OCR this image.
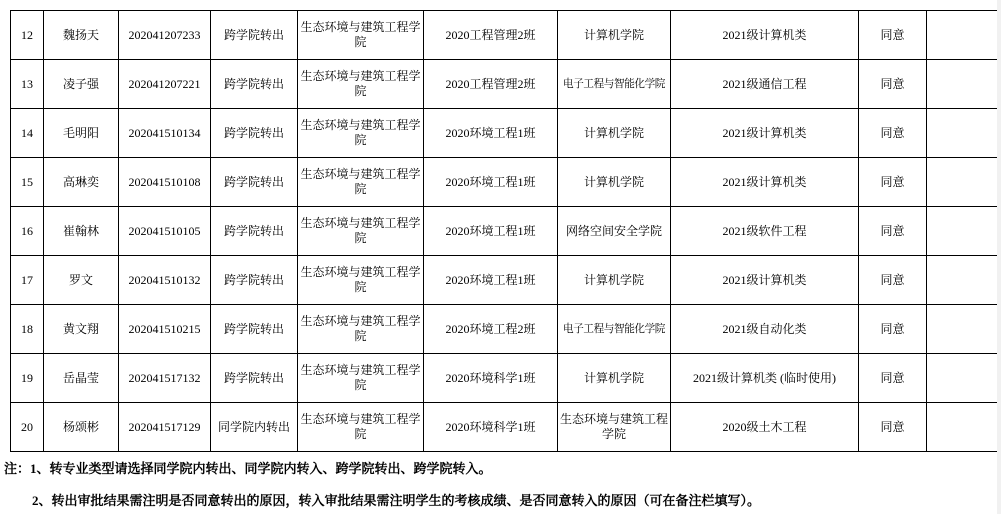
12	魏扬天	202041207233	跨学院转出	生态环境与建筑工程学院	2020工程管理2班	计算机学院	2021级计算机类	同意	
13	凌子强	202041207221	跨学院转出	生态环境与建筑工程学院	2020工程管理2班	电子工程与智能化学院	2021级通信工程	同意	
14	毛明阳	202041510134	跨学院转出	生态环境与建筑工程学院	2020环境工程1班	计算机学院	2021级计算机类	同意	
15	高琳奕	202041510108	跨学院转出	生态环境与建筑工程学院	2020环境工程1班	计算机学院	2021级计算机类	同意	
16	崔翰林	202041510105	跨学院转出	生态环境与建筑工程学院	2020环境工程1班	网络空间安全学院	2021级软件工程	同意	
17	罗文	202041510132	跨学院转出	生态环境与建筑工程学院	2020环境工程1班	计算机学院	2021级计算机类	同意	
18	黄文翔	202041510215	跨学院转出	生态环境与建筑工程学院	2020环境工程2班	电子工程与智能化学院	2021级自动化类	同意	
19	岳晶莹	202041517132	跨学院转出	生态环境与建筑工程学院	2020环境科学1班	计算机学院	2021级计算机类 (临时使用)	同意	
20	杨颂彬	202041517129	同学院内转出	生态环境与建筑工程学院	2020环境科学1班	生态环境与建筑工程学院	2020级土木工程	同意	
注：1、转专业类型请选择同学院内转出、同学院内转入、跨学院转出、跨学院转入。
2、转出审批结果需注明是否同意转出的原因，转入审批结果需注明学生的考核成绩、是否同意转入的原因（可在备注栏填写）。
